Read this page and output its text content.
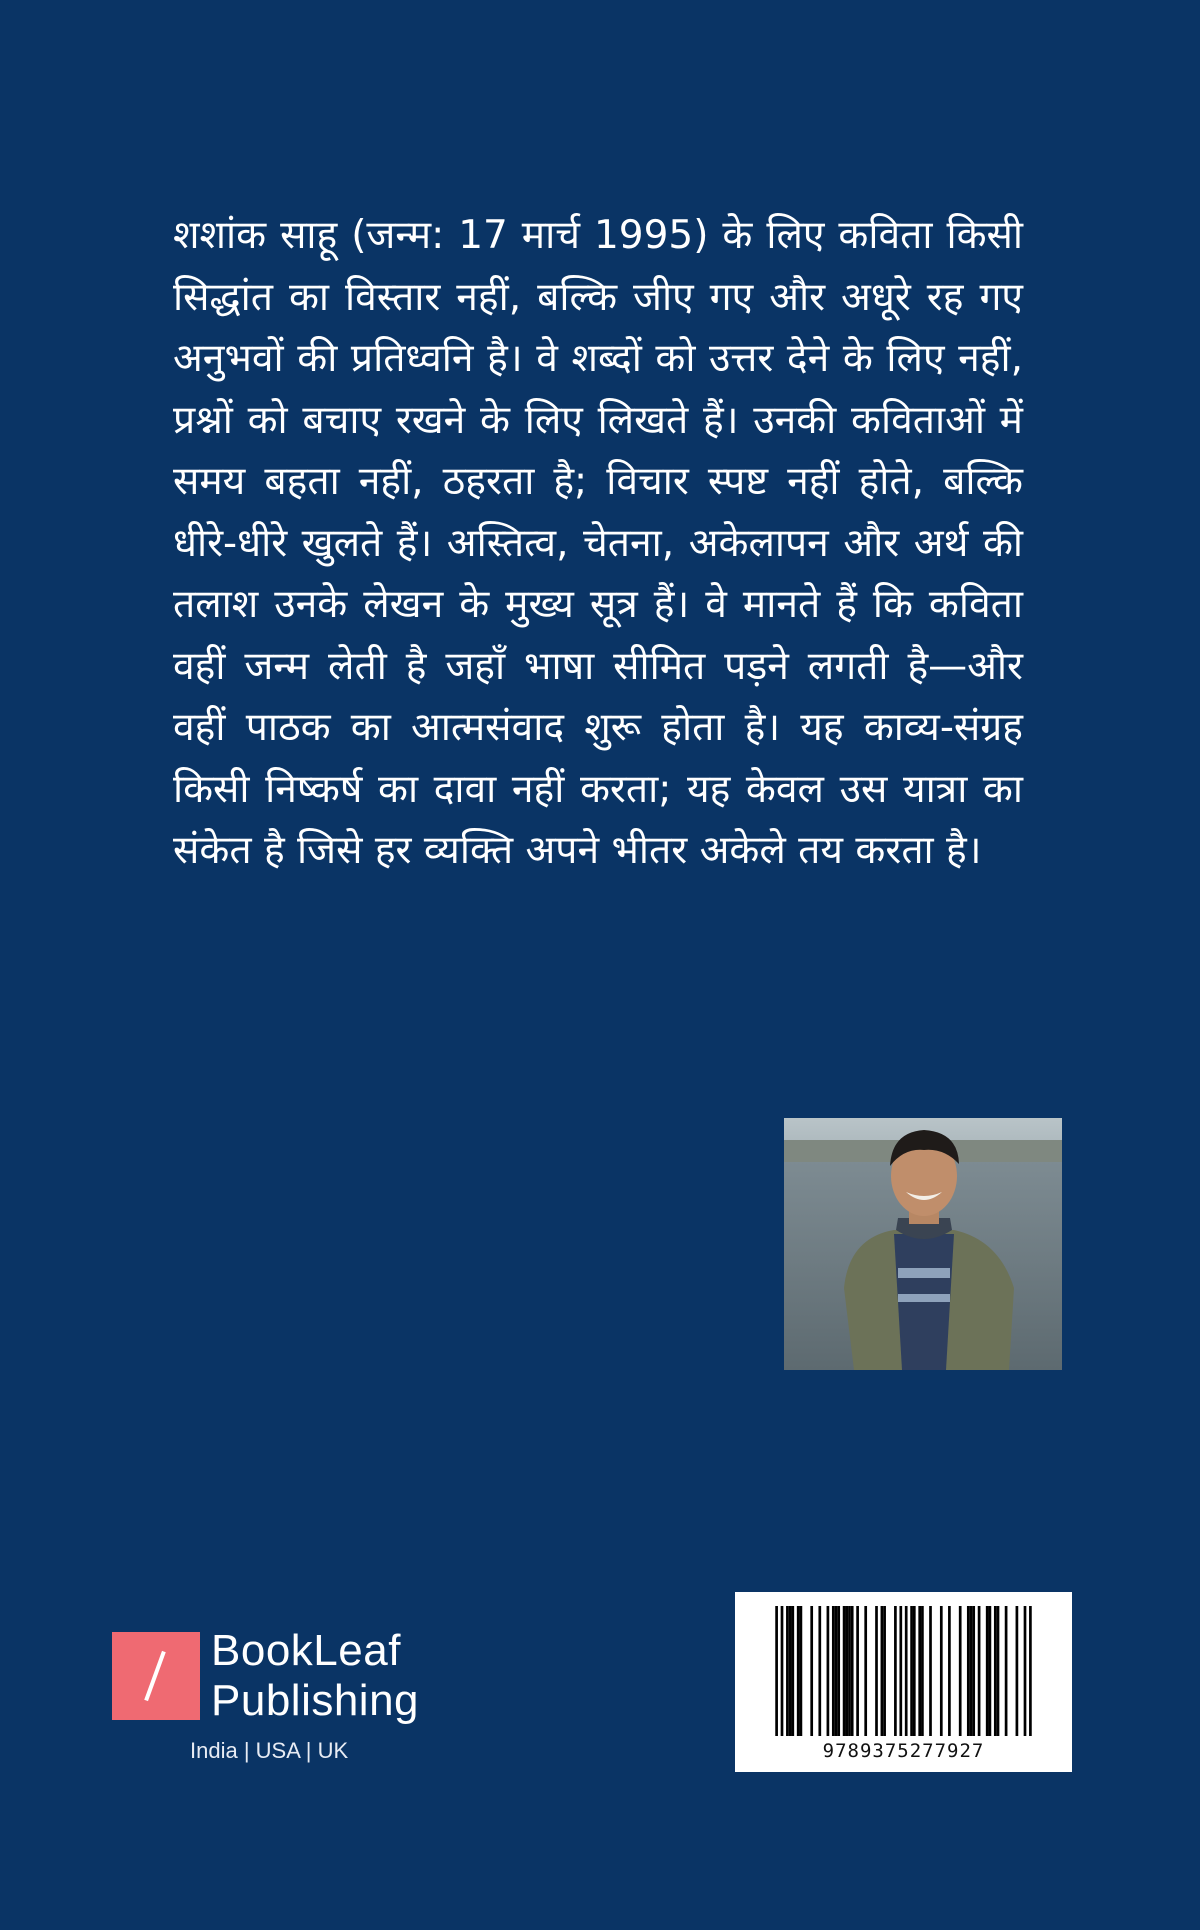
शशांक साहू (जन्म: 17 मार्च 1995) के लिए कविता किसी सिद्धांत का विस्तार नहीं, बल्कि जीए गए और अधूरे रह गए अनुभवों की प्रतिध्वनि है। वे शब्दों को उत्तर देने के लिए नहीं, प्रश्नों को बचाए रखने के लिए लिखते हैं। उनकी कविताओं में समय बहता नहीं, ठहरता है; विचार स्पष्ट नहीं होते, बल्कि धीरे-धीरे खुलते हैं। अस्तित्व, चेतना, अकेलापन और अर्थ की तलाश उनके लेखन के मुख्य सूत्र हैं। वे मानते हैं कि कविता वहीं जन्म लेती है जहाँ भाषा सीमित पड़ने लगती है—और वहीं पाठक का आत्मसंवाद शुरू होता है। यह काव्य-संग्रह किसी निष्कर्ष का दावा नहीं करता; यह केवल उस यात्रा का संकेत है जिसे हर व्यक्ति अपने भीतर अकेले तय करता है।

BookLeaf
Publishing
India | USA | UK	9789375277927
